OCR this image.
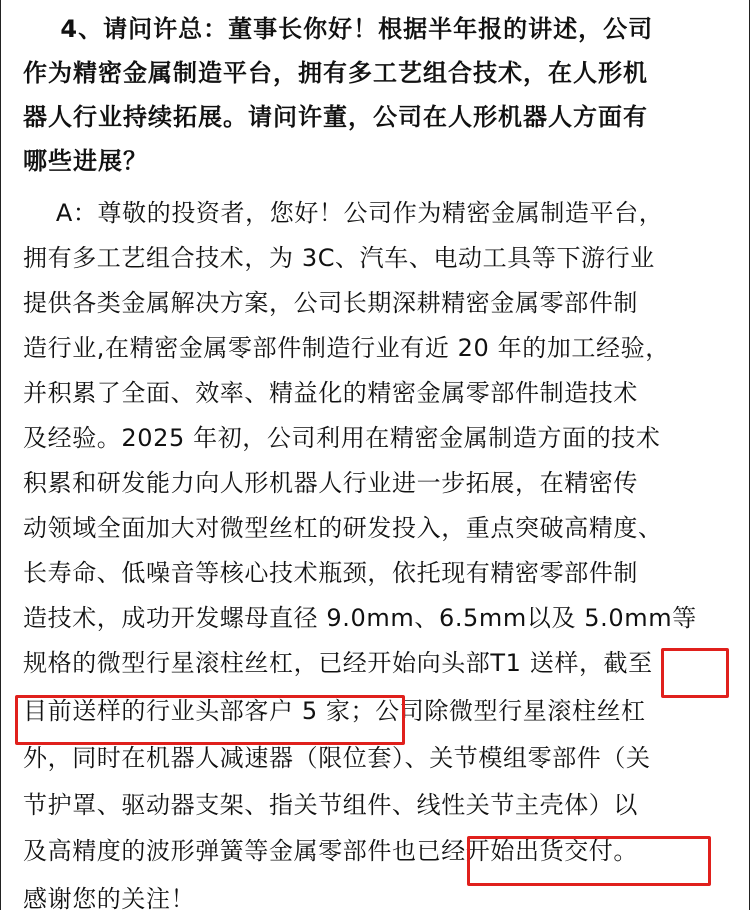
4、请问许总：董事长你好！根据半年报的讲述，公司
作为精密金属制造平台，拥有多工艺组合技术，在人形机
器人行业持续拓展。请问许董，公司在人形机器人方面有
哪些进展？
A：尊敬的投资者，您好！公司作为精密金属制造平台，
拥有多工艺组合技术，为 3C、汽车、电动工具等下游行业
提供各类金属解决方案，公司长期深耕精密金属零部件制
造行业,在精密金属零部件制造行业有近 20 年的加工经验，
并积累了全面、效率、精益化的精密金属零部件制造技术
及经验。2025 年初，公司利用在精密金属制造方面的技术
积累和研发能力向人形机器人行业进一步拓展，在精密传
动领域全面加大对微型丝杠的研发投入，重点突破高精度、
长寿命、低噪音等核心技术瓶颈，依托现有精密零部件制
造技术，成功开发螺母直径 9.0mm、6.5mm以及 5.0mm等
规格的微型行星滚柱丝杠，已经开始向头部T1 送样，截至
目前送样的行业头部客户 5 家；公司除微型行星滚柱丝杠
外，同时在机器人减速器（限位套）、关节模组零部件（关
节护罩、驱动器支架、指关节组件、线性关节主壳体）以
及高精度的波形弹簧等金属零部件也已经开始出货交付。
感谢您的关注！
